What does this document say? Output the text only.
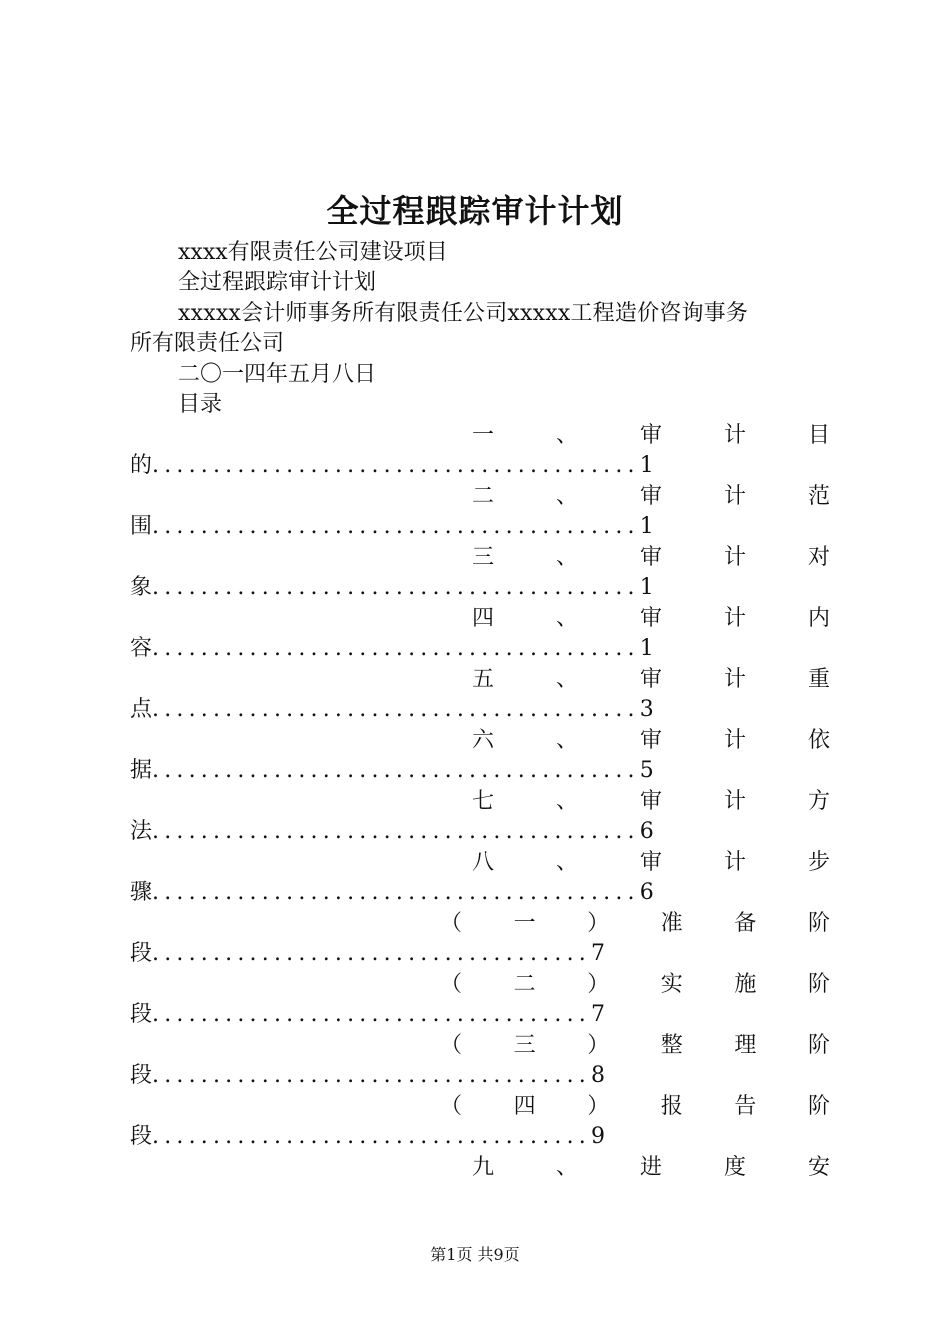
全过程跟踪审计计划
xxxx有限责任公司建设项目
全过程跟踪审计计划
xxxxx会计师事务所有限责任公司xxxxx工程造价咨询事务
所有限责任公司
二〇一四年五月八日
目录
一	、	审	计	目
的........................................1
二	、	审	计	范
围........................................1
三	、	审	计	对
象........................................1
四	、	审	计	内
容........................................1
五	、	审	计	重
点........................................3
六	、	审	计	依
据........................................5
七	、	审	计	方
法........................................6
八	、	审	计	步
骤........................................6
（ 一 ） 准 备 阶
段....................................7
（ 二 ） 实 施 阶
段....................................7
（ 三 ） 整 理 阶
段....................................8
（ 四 ） 报 告 阶
段....................................9
九	、	进	度	安
第1页 共9页
